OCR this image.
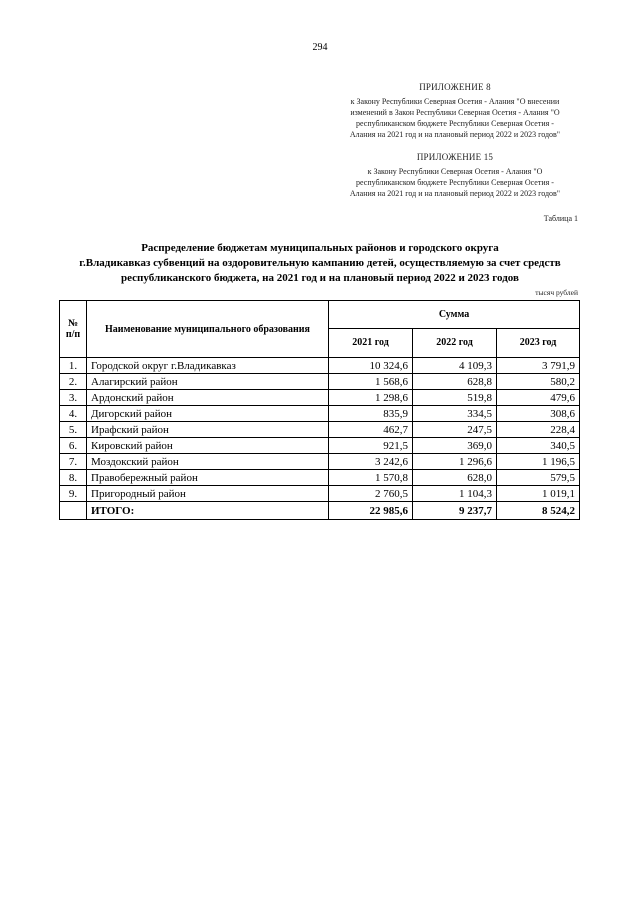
294
ПРИЛОЖЕНИЕ 8
к Закону Республики Северная Осетия - Алания "О внесении
изменений в Закон Республики Северная Осетия - Алания "О
республиканском бюджете Республики Северная Осетия -
Алания на 2021 год и на плановый период 2022 и 2023 годов"
ПРИЛОЖЕНИЕ 15
к Закону Республики Северная Осетия - Алания "О
республиканском бюджете Республики Северная Осетия -
Алания на 2021 год и на плановый период 2022 и 2023 годов"
Таблица 1
Распределение бюджетам муниципальных районов и городского округа
г.Владикавказ субвенций на оздоровительную кампанию детей, осуществляемую за счет средств
республиканского бюджета, на 2021 год и на плановый период 2022 и 2023 годов
тысяч рублей
№ п/п	Наименование муниципального образования	Сумма		
		2021 год	2022 год	2023 год
1.	Городской округ г.Владикавказ	10 324,6	4 109,3	3 791,9
2.	Алагирский район	1 568,6	628,8	580,2
3.	Ардонский район	1 298,6	519,8	479,6
4.	Дигорский район	835,9	334,5	308,6
5.	Ирафский район	462,7	247,5	228,4
6.	Кировский район	921,5	369,0	340,5
7.	Моздокский район	3 242,6	1 296,6	1 196,5
8.	Правобережный район	1 570,8	628,0	579,5
9.	Пригородный район	2 760,5	1 104,3	1 019,1
	ИТОГО:	22 985,6	9 237,7	8 524,2
